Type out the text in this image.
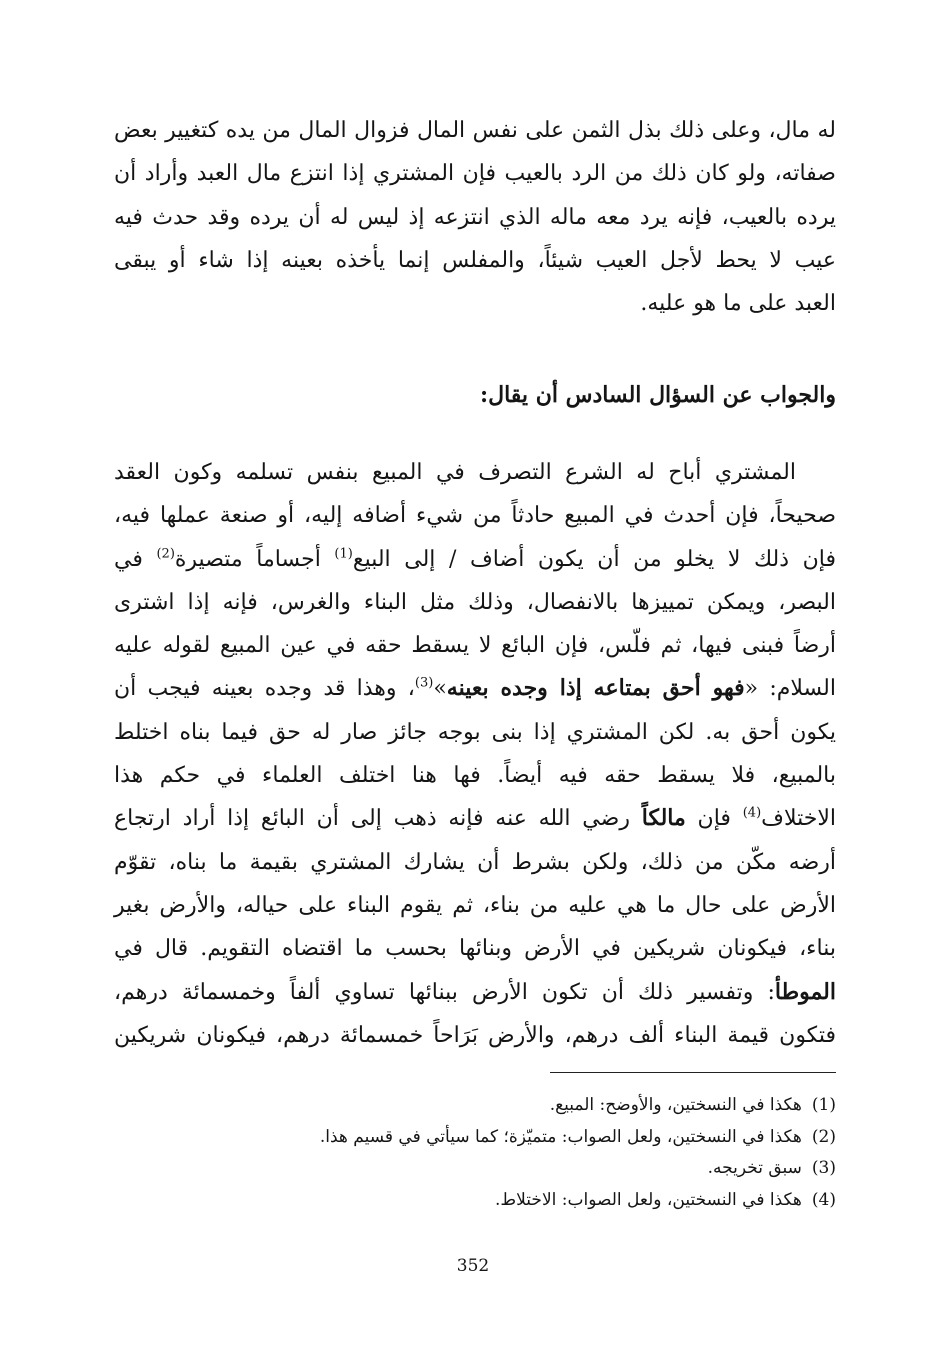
له مال، وعلى ذلك بذل الثمن على نفس المال فزوال المال من يده كتغيير بعض
صفاته، ولو كان ذلك من الرد بالعيب فإن المشتري إذا انتزع مال العبد وأراد أن
يرده بالعيب، فإنه يرد معه ماله الذي انتزعه إذ ليس له أن يرده وقد حدث فيه
عيب لا يحط لأجل العيب شيئاً، والمفلس إنما يأخذه بعينه إذا شاء أو يبقى
العبد على ما هو عليه.
والجواب عن السؤال السادس أن يقال:
المشتري أباح له الشرع التصرف في المبيع بنفس تسلمه وكون العقد
صحيحاً، فإن أحدث في المبيع حادثاً من شيء أضافه إليه، أو صنعة عملها فيه،
فإن ذلك لا يخلو من أن يكون أضاف / إلى البيع$^{(1)}$ أجساماً متصيرة$^{(2)}$ في
البصر، ويمكن تمييزها بالانفصال، وذلك مثل البناء والغرس، فإنه إذا اشترى
أرضاً فبنى فيها، ثم فلّس، فإن البائع لا يسقط حقه في عين المبيع لقوله عليه
السلام: «فهو أحق بمتاعه إذا وجده بعينه»$^{(3)}$، وهذا قد وجده بعينه فيجب أن
يكون أحق به. لكن المشتري إذا بنى بوجه جائز صار له حق فيما بناه اختلط
بالمبيع، فلا يسقط حقه فيه أيضاً. فها هنا اختلف العلماء في حكم هذا
الاختلاف$^{(4)}$ فإن مالكاً رضي الله عنه فإنه ذهب إلى أن البائع إذا أراد ارتجاع
أرضه مكّن من ذلك، ولكن بشرط أن يشارك المشتري بقيمة ما بناه، تقوّم
الأرض على حال ما هي عليه من بناء، ثم يقوم البناء على حياله، والأرض بغير
بناء، فيكونان شريكين في الأرض وبنائها بحسب ما اقتضاه التقويم. قال في
الموطأ: وتفسير ذلك أن تكون الأرض ببنائها تساوي ألفاً وخمسمائة درهم،
فتكون قيمة البناء ألف درهم، والأرض بَرَاحاً خمسمائة درهم، فيكونان شريكين
(1)هكذا في النسختين، والأوضح: المبيع.
(2)هكذا في النسختين، ولعل الصواب: متميّزة؛ كما سيأتي في قسيم هذا.
(3)سبق تخريجه.
(4)هكذا في النسختين، ولعل الصواب: الاختلاط.
352
